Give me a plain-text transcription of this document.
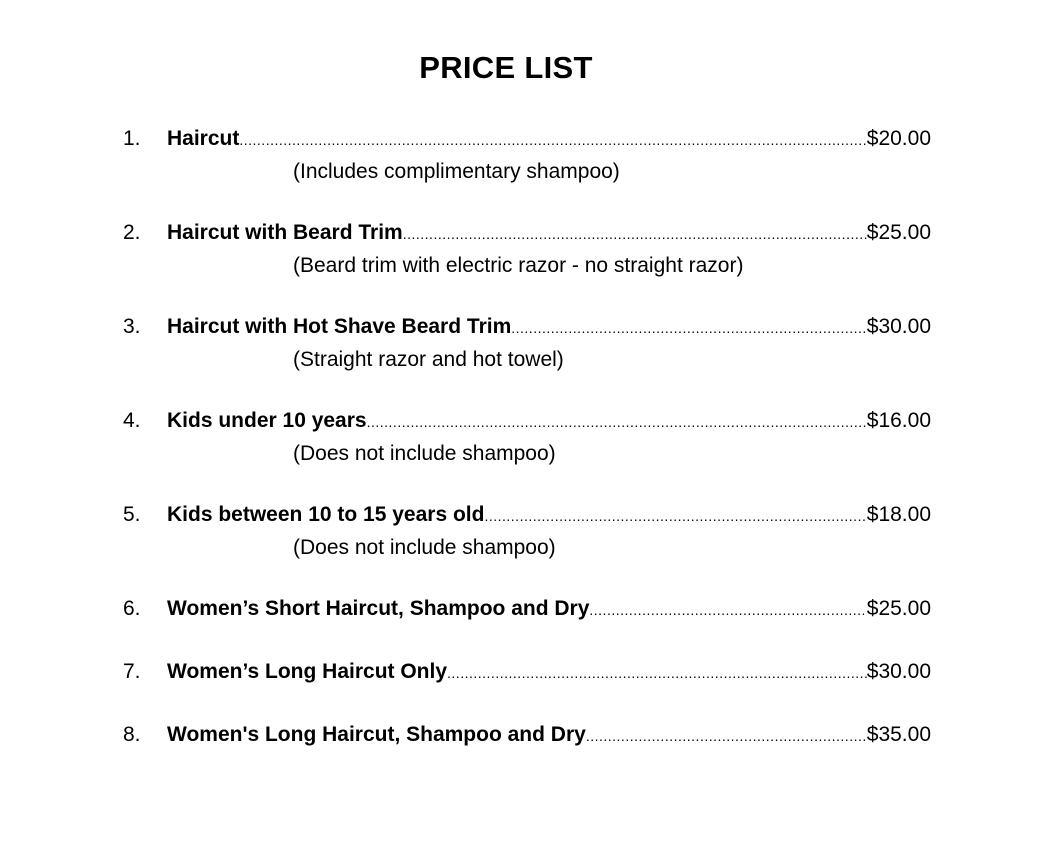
PRICE LIST
1.	Haircut .....	$20.00
(Includes complimentary shampoo)
2.	Haircut with Beard Trim .....	$25.00
(Beard trim with electric razor - no straight razor)
3.	Haircut with Hot Shave Beard Trim .....	$30.00
(Straight razor and hot towel)
4.	Kids under 10 years .....	$16.00
(Does not include shampoo)
5.	Kids between 10 to 15 years old .....	$18.00
(Does not include shampoo)
6.	Women’s Short Haircut, Shampoo and Dry .....	$25.00
7.	Women’s Long Haircut Only .....	$30.00
8.	Women's Long Haircut, Shampoo and Dry .....	$35.00
